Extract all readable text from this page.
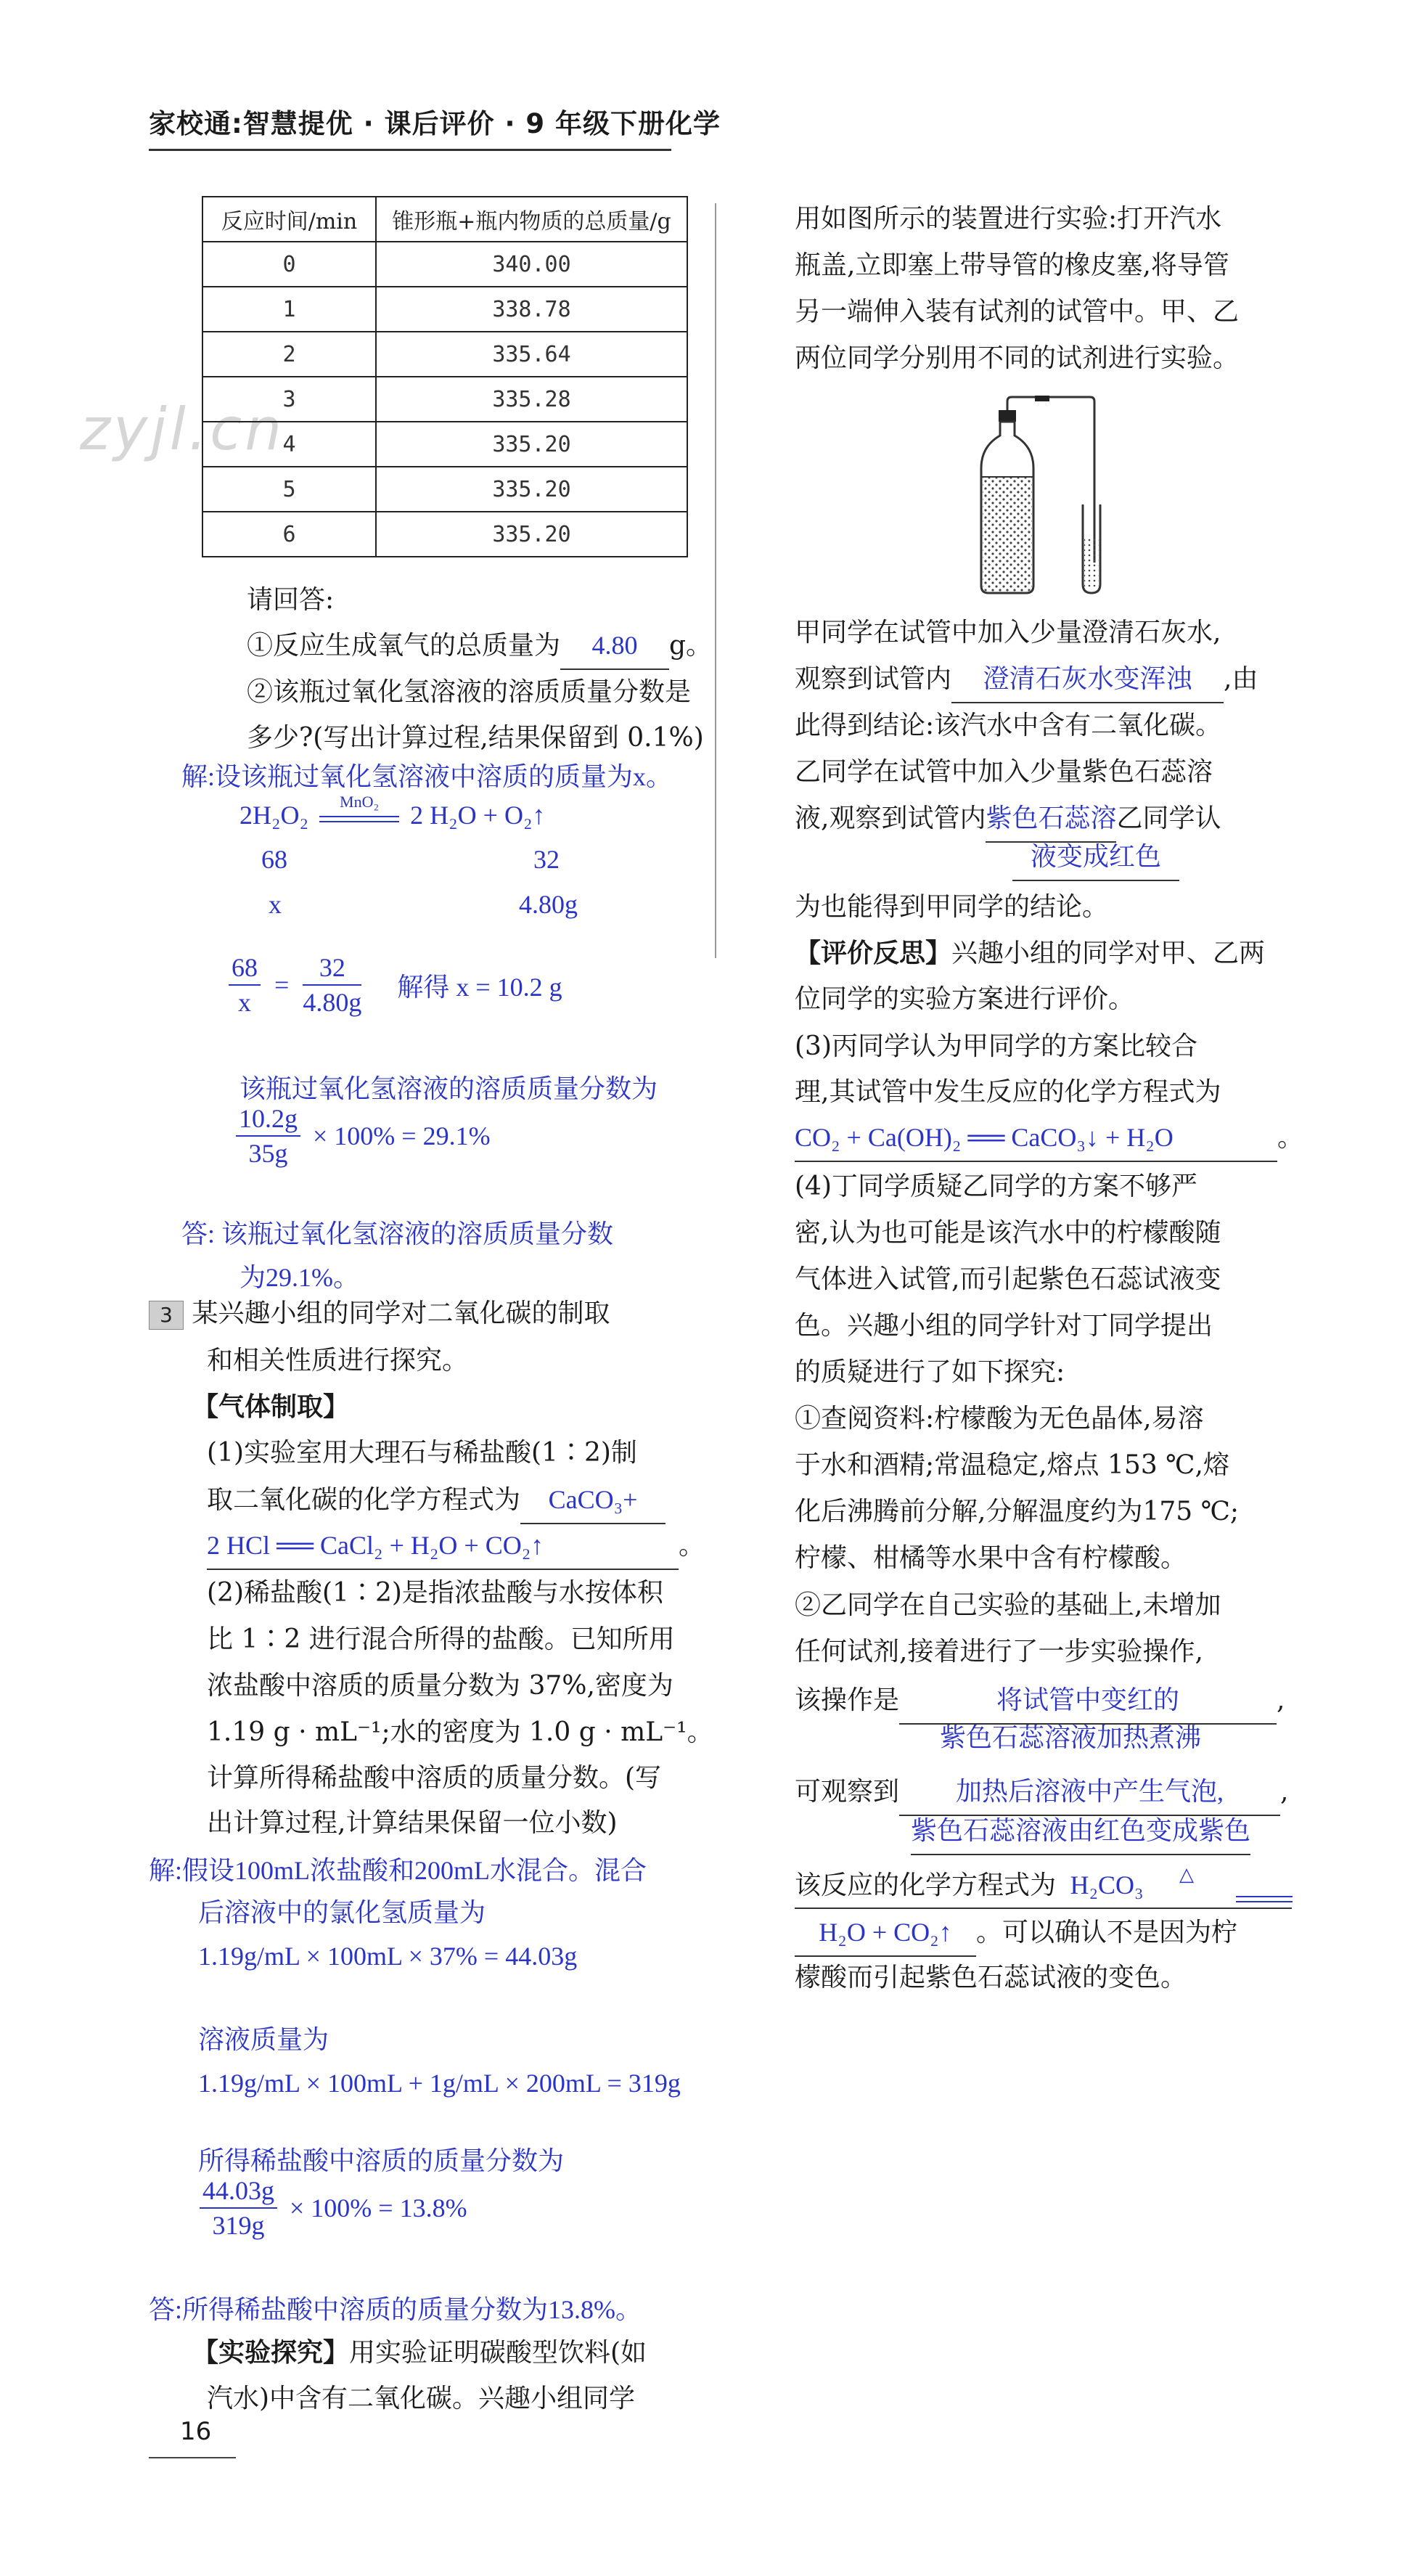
家校通:智慧提优 · 课后评价 · 9 年级下册化学
zyjl.cn
反应时间/min	锥形瓶+瓶内物质的总质量/g
0	340.00
1	338.78
2	335.64
3	335.28
4	335.20
5	335.20
6	335.20
请回答:
①反应生成氧气的总质量为 4.80 g。
②该瓶过氧化氢溶液的溶质质量分数是
多少?(写出计算过程,结果保留到 0.1%)
解:设该瓶过氧化氢溶液中溶质的质量为x。
2H₂O₂	MnO₂	2 H₂O + O₂↑
68	32
x	4.80g
$\frac{68}{x} = \frac{32}{4.80g}$ 解得 x = 10.2 g
该瓶过氧化氢溶液的溶质质量分数为
$\frac{10.2g}{35g} \times 100\% = 29.1\%$
答: 该瓶过氧化氢溶液的溶质质量分数
为29.1%。
3 某兴趣小组的同学对二氧化碳的制取
和相关性质进行探究。
【气体制取】
(1)实验室用大理石与稀盐酸(1∶2)制
取二氧化碳的化学方程式为 CaCO₃+
2 HCl ══ CaCl₂ + H₂O + CO₂↑	。
(2)稀盐酸(1∶2)是指浓盐酸与水按体积
比 1∶2 进行混合所得的盐酸。已知所用
浓盐酸中溶质的质量分数为 37%,密度为
1.19 g · mL⁻¹;水的密度为 1.0 g · mL⁻¹。
计算所得稀盐酸中溶质的质量分数。(写
出计算过程,计算结果保留一位小数)
解:假设100mL浓盐酸和200mL水混合。混合
后溶液中的氯化氢质量为
1.19g/mL × 100mL × 37% = 44.03g
溶液质量为
1.19g/mL × 100mL + 1g/mL × 200mL = 319g
所得稀盐酸中溶质的质量分数为
$\frac{44.03g}{319g} \times 100\% = 13.8\%$
答:所得稀盐酸中溶质的质量分数为13.8%。
【实验探究】用实验证明碳酸型饮料(如
汽水)中含有二氧化碳。兴趣小组同学
用如图所示的装置进行实验:打开汽水
瓶盖,立即塞上带导管的橡皮塞,将导管
另一端伸入装有试剂的试管中。甲、乙
两位同学分别用不同的试剂进行实验。
甲同学在试管中加入少量澄清石灰水,
观察到试管内 澄清石灰水变浑浊 ,由
此得到结论:该汽水中含有二氧化碳。
乙同学在试管中加入少量紫色石蕊溶
液,观察到试管内紫色石蕊溶乙同学认
液变成红色
为也能得到甲同学的结论。
【评价反思】兴趣小组的同学对甲、乙两
位同学的实验方案进行评价。
(3)丙同学认为甲同学的方案比较合
理,其试管中发生反应的化学方程式为
CO₂ + Ca(OH)₂ ══ CaCO₃↓ + H₂O	。
(4)丁同学质疑乙同学的方案不够严
密,认为也可能是该汽水中的柠檬酸随
气体进入试管,而引起紫色石蕊试液变
色。兴趣小组的同学针对丁同学提出
的质疑进行了如下探究:
①查阅资料:柠檬酸为无色晶体,易溶
于水和酒精;常温稳定,熔点 153 ℃,熔
化后沸腾前分解,分解温度约为175 ℃;
柠檬、柑橘等水果中含有柠檬酸。
②乙同学在自己实验的基础上,未增加
任何试剂,接着进行了一步实验操作,
该操作是	将试管中变红的	,
紫色石蕊溶液加热煮沸
可观察到 加热后溶液中产生气泡, ,
紫色石蕊溶液由红色变成紫色
该反应的化学方程式为 H₂CO₃ △
H₂O + CO₂↑ 。可以确认不是因为柠
檬酸而引起紫色石蕊试液的变色。
16
